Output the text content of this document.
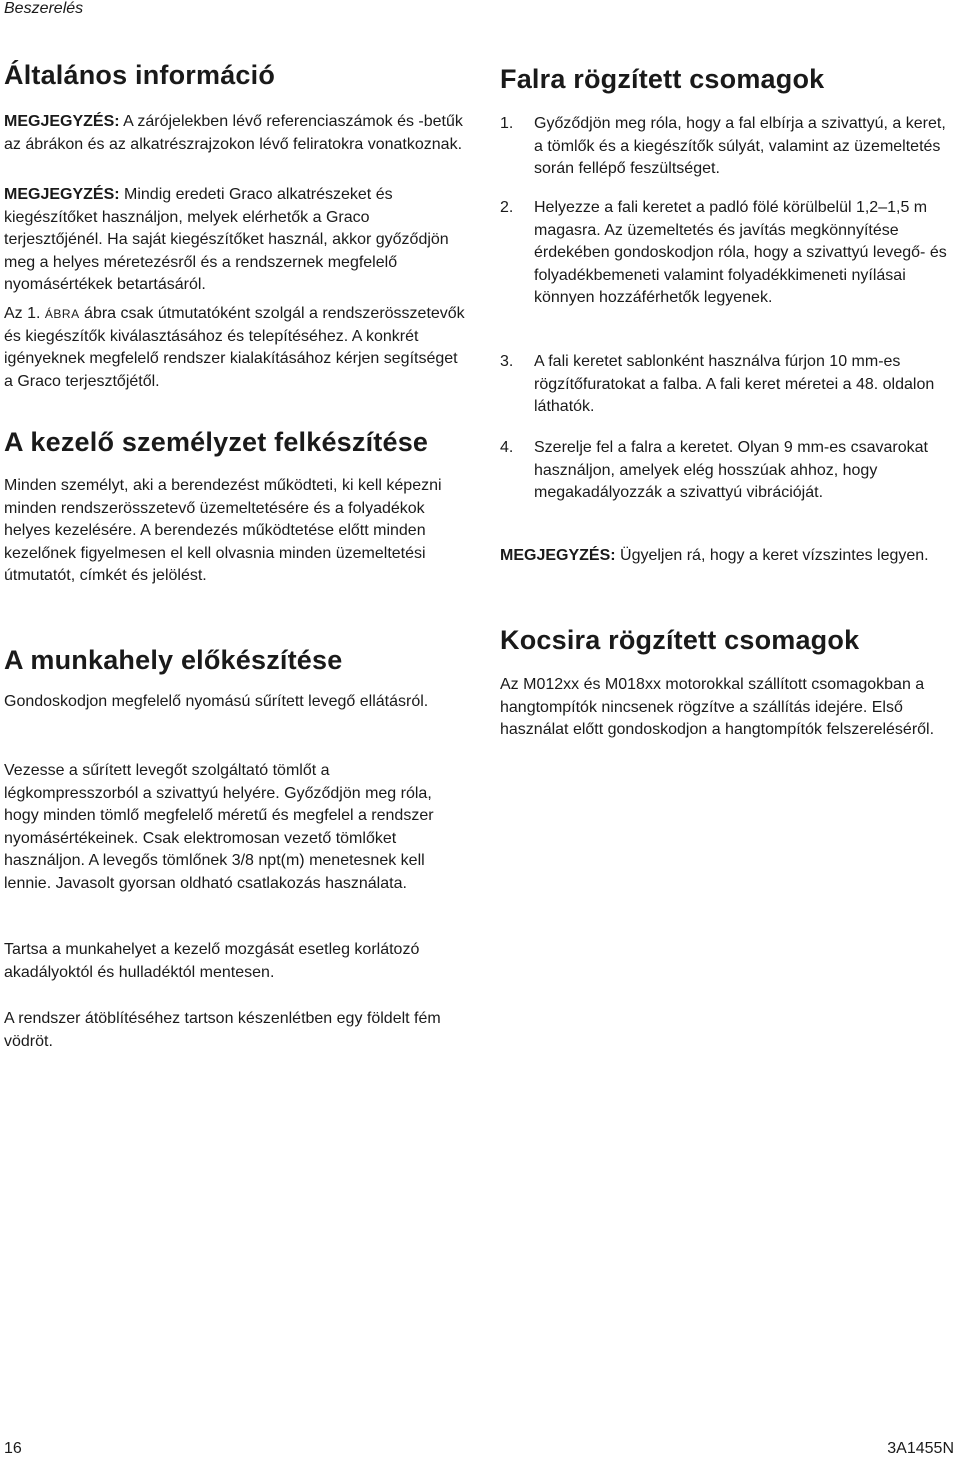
Beszerelés
Általános információ

MEGJEGYZÉS: A zárójelekben lévő referenciaszámok és -betűk az ábrákon és az alkatrészrajzokon lévő feliratokra vonatkoznak.

MEGJEGYZÉS: Mindig eredeti Graco alkatrészeket és kiegészítőket használjon, melyek elérhetők a Graco terjesztőjénél. Ha saját kiegészítőket használ, akkor győződjön meg a helyes méretezésről és a rendszernek megfelelő nyomásértékek betartásáról.

Az 1. ÁBRA ábra csak útmutatóként szolgál a rendszerösszetevők és kiegészítők kiválasztásához és telepítéséhez. A konkrét igényeknek megfelelő rendszer kialakításához kérjen segítséget a Graco terjesztőjétől.

A kezelő személyzet felkészítése

Minden személyt, aki a berendezést működteti, ki kell képezni minden rendszerösszetevő üzemeltetésére és a folyadékok helyes kezelésére. A berendezés működtetése előtt minden kezelőnek figyelmesen el kell olvasnia minden üzemeltetési útmutatót, címkét és jelölést.

A munkahely előkészítése

Gondoskodjon megfelelő nyomású sűrített levegő ellátásról.

Vezesse a sűrített levegőt szolgáltató tömlőt a légkompresszorból a szivattyú helyére. Győződjön meg róla, hogy minden tömlő megfelelő méretű és megfelel a rendszer nyomásértékeinek. Csak elektromosan vezető tömlőket használjon. A levegős tömlőnek 3/8 npt(m) menetesnek kell lennie. Javasolt gyorsan oldható csatlakozás használata.

Tartsa a munkahelyet a kezelő mozgását esetleg korlátozó akadályoktól és hulladéktól mentesen.

A rendszer átöblítéséhez tartson készenlétben egy földelt fém vödröt.

Falra rögzített csomagok
1. Győződjön meg róla, hogy a fal elbírja a szivattyú, a keret, a tömlők és a kiegészítők súlyát, valamint az üzemeltetés során fellépő feszültséget.
2. Helyezze a fali keretet a padló fölé körülbelül 1,2–1,5 m magasra. Az üzemeltetés és javítás megkönnyítése érdekében gondoskodjon róla, hogy a szivattyú levegő- és folyadékbemeneti valamint folyadékkimeneti nyílásai könnyen hozzáférhetők legyenek.
3. A fali keretet sablonként használva fúrjon 10 mm-es rögzítőfuratokat a falba. A fali keret méretei a 48. oldalon láthatók.
4. Szerelje fel a falra a keretet. Olyan 9 mm-es csavarokat használjon, amelyek elég hosszúak ahhoz, hogy megakadályozzák a szivattyú vibrációját.

MEGJEGYZÉS: Ügyeljen rá, hogy a keret vízszintes legyen.

Kocsira rögzített csomagok

Az M012xx és M018xx motorokkal szállított csomagokban a hangtompítók nincsenek rögzítve a szállítás idejére. Első használat előtt gondoskodjon a hangtompítók felszereléséről.

16	3A1455N
